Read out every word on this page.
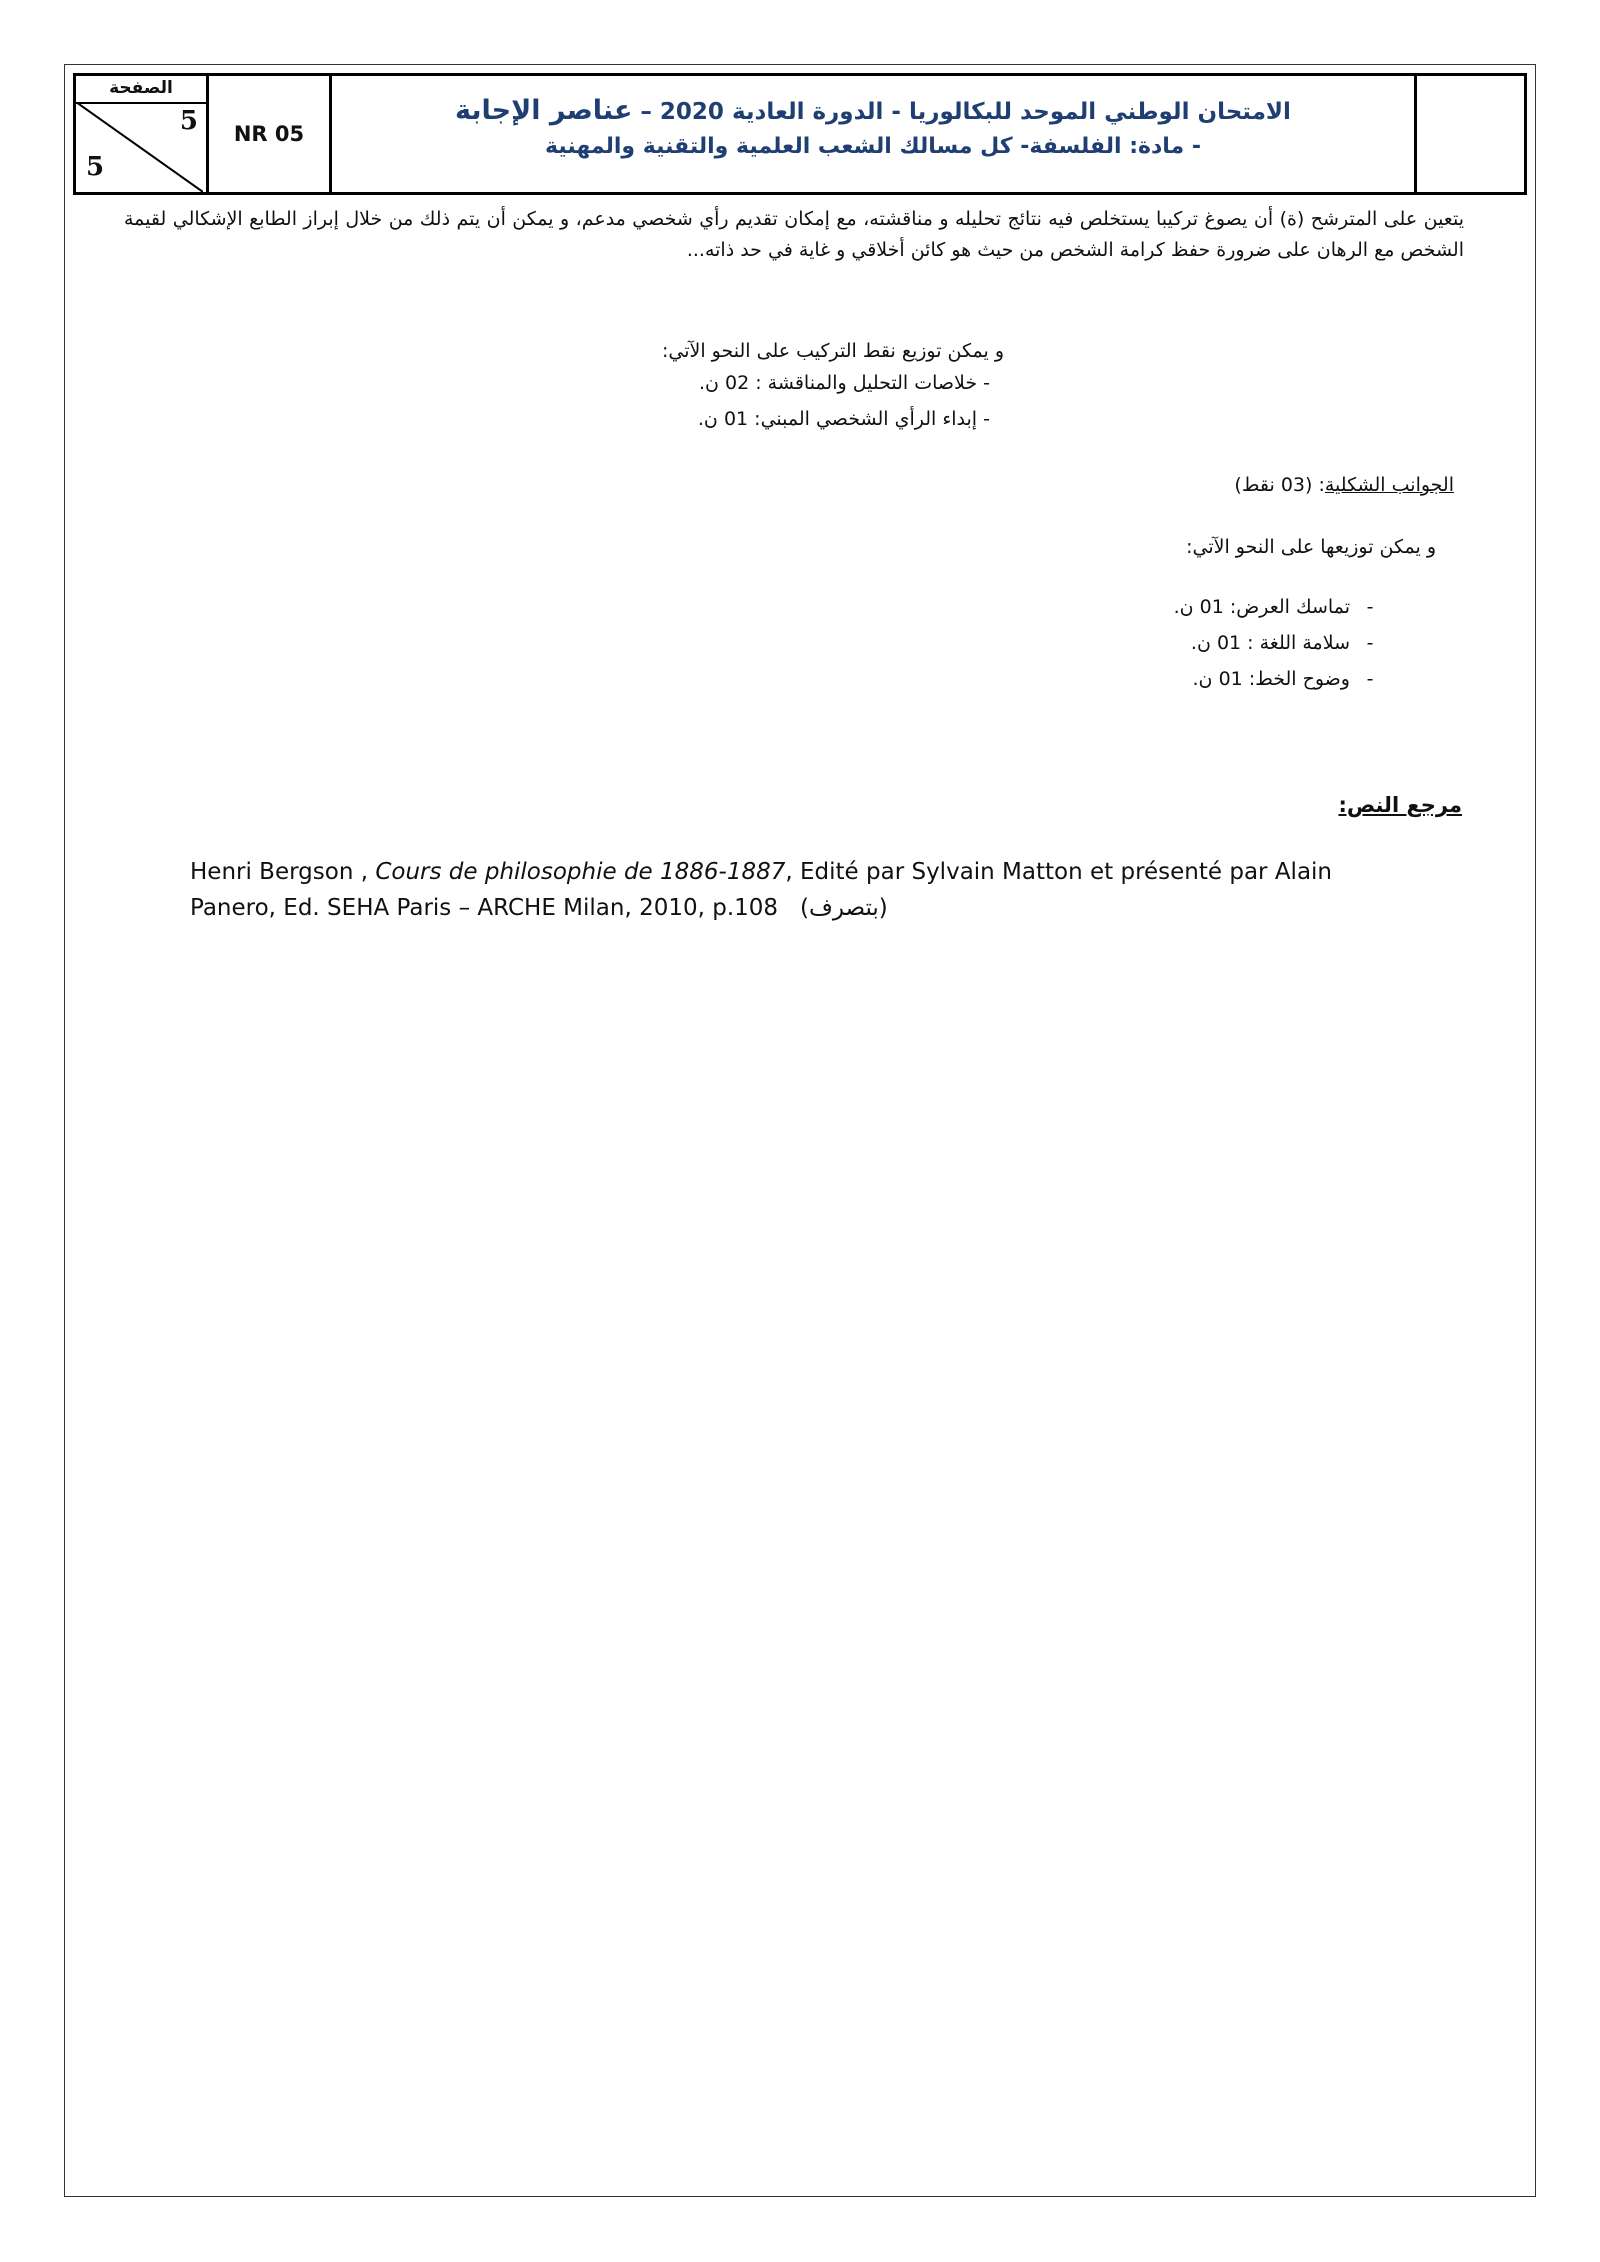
الصفحة
5
5
NR 05
الامتحان الوطني الموحد للبكالوريا - الدورة العادية 2020 – عناصر الإجابة
- مادة: الفلسفة- كل مسالك الشعب العلمية والتقنية والمهنية
يتعين على المترشح (ة) أن يصوغ تركيبا يستخلص فيه نتائج تحليله و مناقشته، مع إمكان تقديم رأي شخصي مدعم، و يمكن أن يتم ذلك من خلال إبراز الطابع الإشكالي لقيمة الشخص مع الرهان على ضرورة حفظ كرامة الشخص من حيث هو كائن أخلاقي و غاية في حد ذاته...
و يمكن توزيع نقط التركيب على النحو الآتي:
- خلاصات التحليل والمناقشة : 02 ن.
- إبداء الرأي الشخصي المبني: 01 ن.
الجوانب الشكلية: (03 نقط)
و يمكن توزيعها على النحو الآتي:
-تماسك العرض: 01 ن.
-سلامة اللغة : 01 ن.
-وضوح الخط: 01 ن.
مرجع النص:
Henri Bergson , Cours de philosophie de 1886-1887, Edité par Sylvain Matton et présenté par Alain
Panero, Ed. SEHA Paris – ARCHE Milan, 2010, p.108 (بتصرف)
